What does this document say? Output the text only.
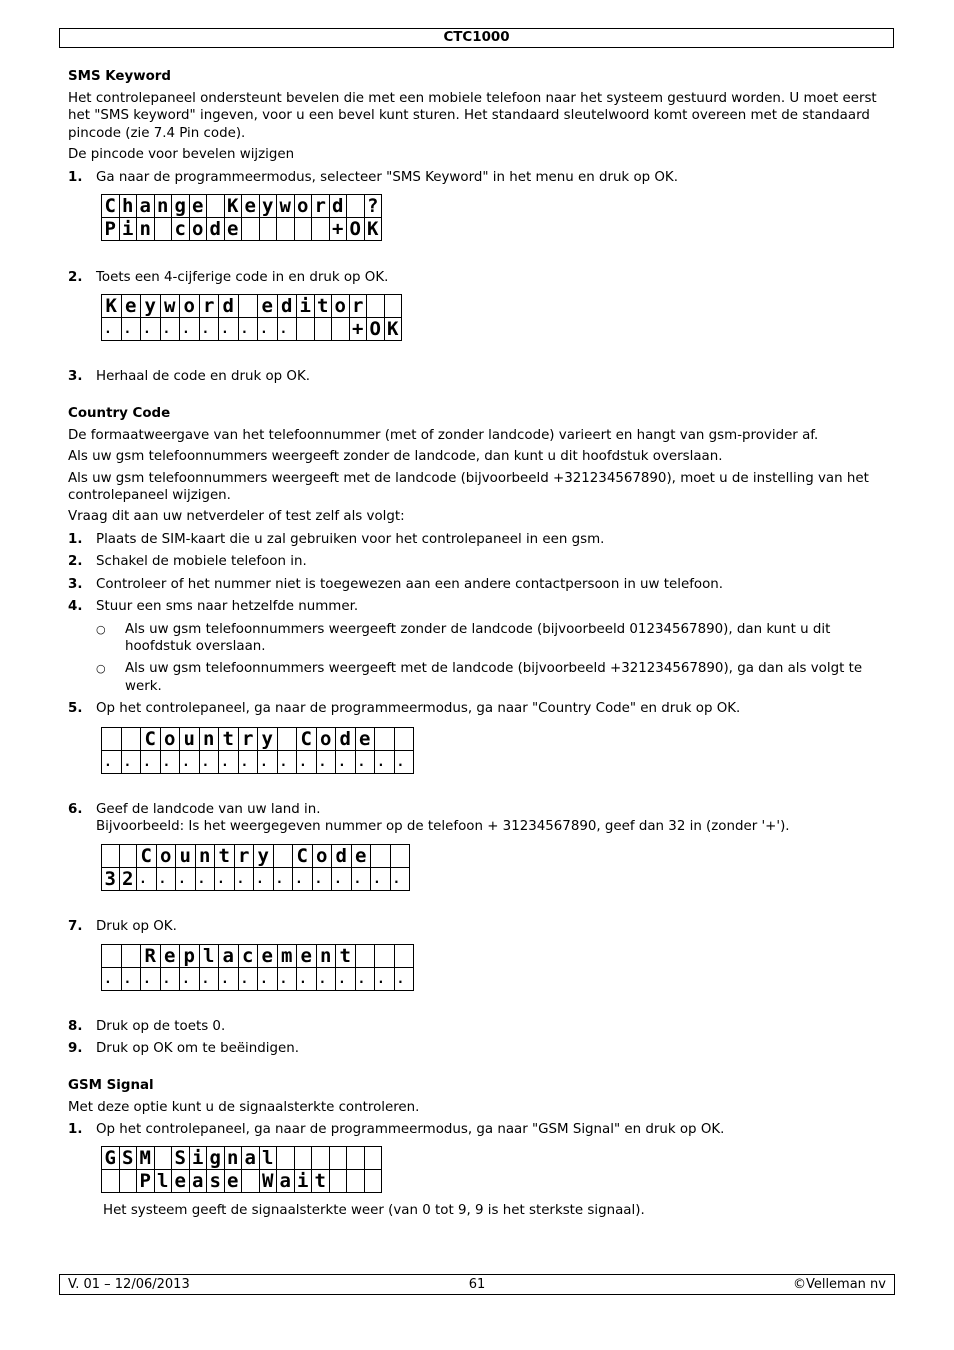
CTC1000
SMS Keyword
Het controlepaneel ondersteunt bevelen die met een mobiele telefoon naar het systeem gestuurd worden. U moet eerst het "SMS keyword" ingeven, voor u een bevel kunt sturen. Het standaard sleutelwoord komt overeen met de standaard pincode (zie 7.4 Pin code).
De pincode voor bevelen wijzigen
1. Ga naar de programmeermodus, selecteer "SMS Keyword" in het menu en druk op OK.
C	h	a	n	g	e		K	e	y	w	o	r	d		?
P	i	n		c	o	d	e						+	O	K
2. Toets een 4-cijferige code in en druk op OK.
K	e	y	w	o	r	d		e	d	i	t	o	r		
.	.	.	.	.	.	.	.	.	.				+	O	K
3. Herhaal de code en druk op OK.
Country Code
De formaatweergave van het telefoonnummer (met of zonder landcode) varieert en hangt van gsm-provider af.
Als uw gsm telefoonnummers weergeeft zonder de landcode, dan kunt u dit hoofdstuk overslaan.
Als uw gsm telefoonnummers weergeeft met de landcode (bijvoorbeeld +321234567890), moet u de instelling van het controlepaneel wijzigen.
Vraag dit aan uw netverdeler of test zelf als volgt:
1. Plaats de SIM-kaart die u zal gebruiken voor het controlepaneel in een gsm.
2. Schakel de mobiele telefoon in.
3. Controleer of het nummer niet is toegewezen aan een andere contactpersoon in uw telefoon.
4. Stuur een sms naar hetzelfde nummer.
○ Als uw gsm telefoonnummers weergeeft zonder de landcode (bijvoorbeeld 01234567890), dan kunt u dit hoofdstuk overslaan.
○ Als uw gsm telefoonnummers weergeeft met de landcode (bijvoorbeeld +321234567890), ga dan als volgt te werk.
5. Op het controlepaneel, ga naar de programmeermodus, ga naar "Country Code" en druk op OK.
		C	o	u	n	t	r	y		C	o	d	e		
.	.	.	.	.	.	.	.	.	.	.	.	.	.	.	.
6. Geef de landcode van uw land in.
Bijvoorbeeld: Is het weergegeven nummer op de telefoon + 31234567890, geef dan 32 in (zonder '+').
		C	o	u	n	t	r	y		C	o	d	e		
3	2	.	.	.	.	.	.	.	.	.	.	.	.	.	.
7. Druk op OK.
		R	e	p	l	a	c	e	m	e	n	t			
.	.	.	.	.	.	.	.	.	.	.	.	.	.	.	.
8. Druk op de toets 0.
9. Druk op OK om te beëindigen.
GSM Signal
Met deze optie kunt u de signaalsterkte controleren.
1. Op het controlepaneel, ga naar de programmeermodus, ga naar "GSM Signal" en druk op OK.
G	S	M		S	i	g	n	a	l						
		P	l	e	a	s	e		W	a	i	t			
Het systeem geeft de signaalsterkte weer (van 0 tot 9, 9 is het sterkste signaal).
V. 01 – 12/06/2013	61	©Velleman nv
